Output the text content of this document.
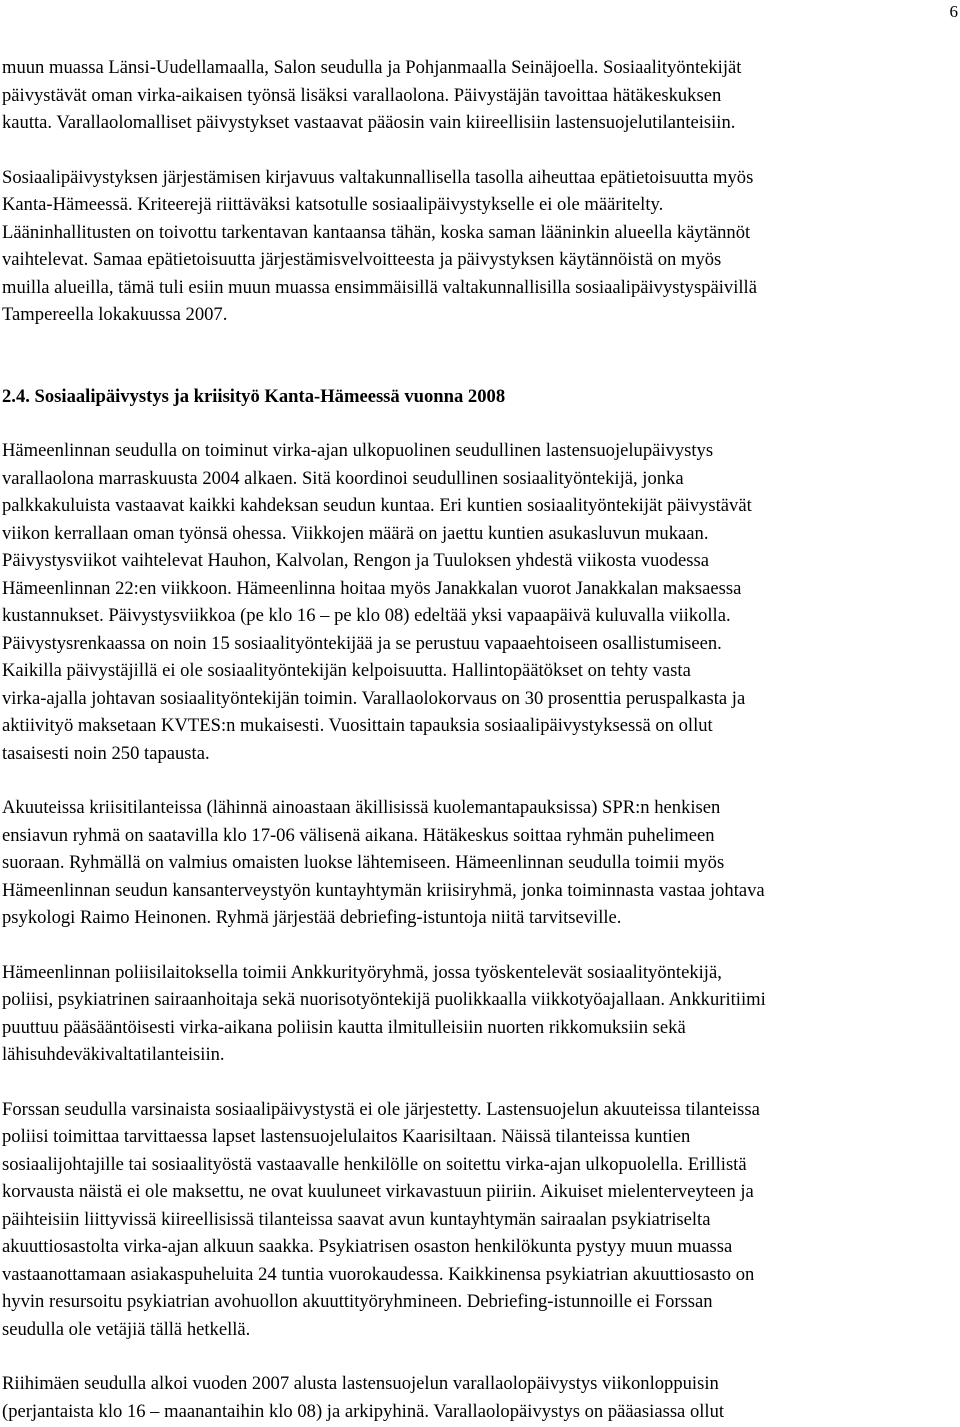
6

muun muassa Länsi-Uudellamaalla, Salon seudulla ja Pohjanmaalla Seinäjoella. Sosiaalityöntekijät
päivystävät oman virka-aikaisen työnsä lisäksi varallaolona. Päivystäjän tavoittaa hätäkeskuksen
kautta. Varallaolomalliset päivystykset vastaavat pääosin vain kiireellisiin lastensuojelutilanteisiin.

Sosiaalipäivystyksen järjestämisen kirjavuus valtakunnallisella tasolla aiheuttaa epätietoisuutta myös
Kanta-Hämeessä. Kriteerejä riittäväksi katsotulle sosiaalipäivystykselle ei ole määritelty.
Lääninhallitusten on toivottu tarkentavan kantaansa tähän, koska saman lääninkin alueella käytännöt
vaihtelevat. Samaa epätietoisuutta järjestämisvelvoitteesta ja päivystyksen käytännöistä on myös
muilla alueilla, tämä tuli esiin muun muassa ensimmäisillä valtakunnallisilla sosiaalipäivystyspäivillä
Tampereella lokakuussa 2007.

2.4. Sosiaalipäivystys ja kriisityö Kanta-Hämeessä vuonna 2008

Hämeenlinnan seudulla on toiminut virka-ajan ulkopuolinen seudullinen lastensuojelupäivystys
varallaolona marraskuusta 2004 alkaen. Sitä koordinoi seudullinen sosiaalityöntekijä, jonka
palkkakuluista vastaavat kaikki kahdeksan seudun kuntaa. Eri kuntien sosiaalityöntekijät päivystävät
viikon kerrallaan oman työnsä ohessa. Viikkojen määrä on jaettu kuntien asukasluvun mukaan.
Päivystysviikot vaihtelevat Hauhon, Kalvolan, Rengon ja Tuuloksen yhdestä viikosta vuodessa
Hämeenlinnan 22:en viikkoon. Hämeenlinna hoitaa myös Janakkalan vuorot Janakkalan maksaessa
kustannukset. Päivystysviikkoa (pe klo 16 – pe klo 08) edeltää yksi vapaapäivä kuluvalla viikolla.
Päivystysrenkaassa on noin 15 sosiaalityöntekijää ja se perustuu vapaaehtoiseen osallistumiseen.
Kaikilla päivystäjillä ei ole sosiaalityöntekijän kelpoisuutta. Hallintopäätökset on tehty vasta
virka-ajalla johtavan sosiaalityöntekijän toimin. Varallaolokorvaus on 30 prosenttia peruspalkasta ja
aktiivityö maksetaan KVTES:n mukaisesti. Vuosittain tapauksia sosiaalipäivystyksessä on ollut
tasaisesti noin 250 tapausta.

Akuuteissa kriisitilanteissa (lähinnä ainoastaan äkillisissä kuolemantapauksissa) SPR:n henkisen
ensiavun ryhmä on saatavilla klo 17-06 välisenä aikana. Hätäkeskus soittaa ryhmän puhelimeen
suoraan. Ryhmällä on valmius omaisten luokse lähtemiseen. Hämeenlinnan seudulla toimii myös
Hämeenlinnan seudun kansanterveystyön kuntayhtymän kriisiryhmä, jonka toiminnasta vastaa johtava
psykologi Raimo Heinonen. Ryhmä järjestää debriefing-istuntoja niitä tarvitseville.

Hämeenlinnan poliisilaitoksella toimii Ankkurityöryhmä, jossa työskentelevät sosiaalityöntekijä,
poliisi, psykiatrinen sairaanhoitaja sekä nuorisotyöntekijä puolikkaalla viikkotyöajallaan. Ankkuritiimi
puuttuu pääsääntöisesti virka-aikana poliisin kautta ilmitulleisiin nuorten rikkomuksiin sekä
lähisuhdeväkivaltatilanteisiin.

Forssan seudulla varsinaista sosiaalipäivystystä ei ole järjestetty. Lastensuojelun akuuteissa tilanteissa
poliisi toimittaa tarvittaessa lapset lastensuojelulaitos Kaarisiltaan. Näissä tilanteissa kuntien
sosiaalijohtajille tai sosiaalityöstä vastaavalle henkilölle on soitettu virka-ajan ulkopuolella. Erillistä
korvausta näistä ei ole maksettu, ne ovat kuuluneet virkavastuun piiriin. Aikuiset mielenterveyteen ja
päihteisiin liittyvissä kiireellisissä tilanteissa saavat avun kuntayhtymän sairaalan psykiatriselta
akuuttiosastolta virka-ajan alkuun saakka. Psykiatrisen osaston henkilökunta pystyy muun muassa
vastaanottamaan asiakaspuheluita 24 tuntia vuorokaudessa. Kaikkinensa psykiatrian akuuttiosasto on
hyvin resursoitu psykiatrian avohuollon akuuttityöryhmineen. Debriefing-istunnoille ei Forssan
seudulla ole vetäjiä tällä hetkellä.

Riihimäen seudulla alkoi vuoden 2007 alusta lastensuojelun varallaolopäivystys viikonloppuisin
(perjantaista klo 16 – maanantaihin klo 08) ja arkipyhinä. Varallaolopäivystys on pääasiassa ollut
